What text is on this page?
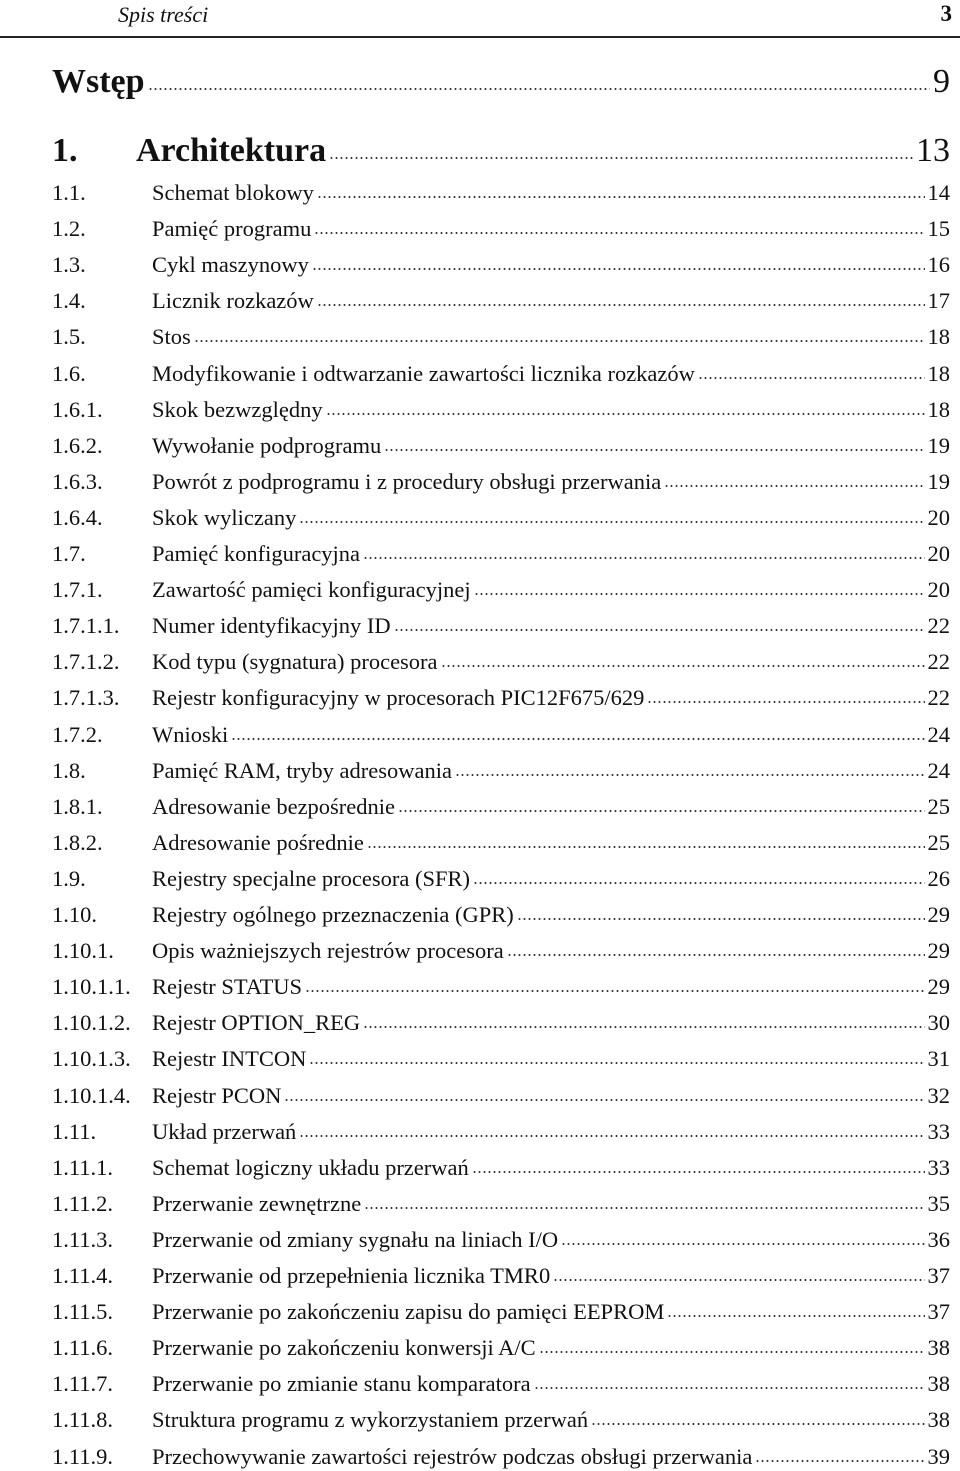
Spis treści	3
Wstęp	9
1.	Architektura	13
1.1.	Schemat blokowy	14
1.2.	Pamięć programu	15
1.3.	Cykl maszynowy	16
1.4.	Licznik rozkazów	17
1.5.	Stos	18
1.6.	Modyfikowanie i odtwarzanie zawartości licznika rozkazów	18
1.6.1.	Skok bezwzględny	18
1.6.2.	Wywołanie podprogramu	19
1.6.3.	Powrót z podprogramu i z procedury obsługi przerwania	19
1.6.4.	Skok wyliczany	20
1.7.	Pamięć konfiguracyjna	20
1.7.1.	Zawartość pamięci konfiguracyjnej	20
1.7.1.1.	Numer identyfikacyjny ID	22
1.7.1.2.	Kod typu (sygnatura) procesora	22
1.7.1.3.	Rejestr konfiguracyjny w procesorach PIC12F675/629	22
1.7.2.	Wnioski	24
1.8.	Pamięć RAM, tryby adresowania	24
1.8.1.	Adresowanie bezpośrednie	25
1.8.2.	Adresowanie pośrednie	25
1.9.	Rejestry specjalne procesora (SFR)	26
1.10.	Rejestry ogólnego przeznaczenia (GPR)	29
1.10.1.	Opis ważniejszych rejestrów procesora	29
1.10.1.1. Rejestr STATUS	29
1.10.1.2. Rejestr OPTION_REG	30
1.10.1.3. Rejestr INTCON	31
1.10.1.4. Rejestr PCON	32
1.11.	Układ przerwań	33
1.11.1.	Schemat logiczny układu przerwań	33
1.11.2.	Przerwanie zewnętrzne	35
1.11.3.	Przerwanie od zmiany sygnału na liniach I/O	36
1.11.4.	Przerwanie od przepełnienia licznika TMR0	37
1.11.5.	Przerwanie po zakończeniu zapisu do pamięci EEPROM	37
1.11.6.	Przerwanie po zakończeniu konwersji A/C	38
1.11.7.	Przerwanie po zmianie stanu komparatora	38
1.11.8.	Struktura programu z wykorzystaniem przerwań	38
1.11.9.	Przechowywanie zawartości rejestrów podczas obsługi przerwania	39
